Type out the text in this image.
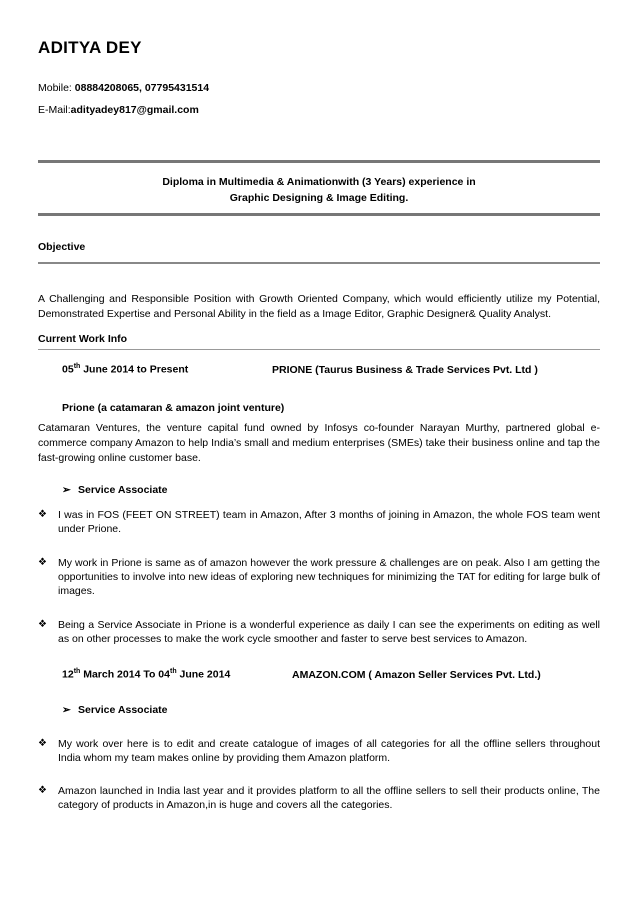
ADITYA DEY
Mobile: 08884208065, 07795431514
E-Mail:adityadey817@gmail.com
Diploma in Multimedia & Animationwith (3 Years) experience in
Graphic Designing & Image Editing.
Objective
A Challenging and Responsible Position with Growth Oriented Company, which would efficiently utilize my Potential, Demonstrated Expertise and Personal Ability in the field as a Image Editor, Graphic Designer& Quality Analyst.
Current Work Info
05th June 2014 to Present	PRIONE (Taurus Business & Trade Services Pvt. Ltd )
Prione (a catamaran & amazon joint venture)
Catamaran Ventures, the venture capital fund owned by Infosys co-founder Narayan Murthy, partnered global e-commerce company Amazon to help India’s small and medium enterprises (SMEs) take their business online and tap the fast-growing online customer base.
➢ Service Associate
❖	I was in FOS (FEET ON STREET) team in Amazon, After 3 months of joining in Amazon, the whole FOS team went under Prione.
❖	My work in Prione is same as of amazon however the work pressure & challenges are on peak. Also I am getting the opportunities to involve into new ideas of exploring new techniques for minimizing the TAT for editing for large bulk of images.
❖	Being a Service Associate in Prione is a wonderful experience as daily I can see the experiments on editing as well as on other processes to make the work cycle smoother and faster to serve best services to Amazon.
12th March 2014 To 04th June 2014	AMAZON.COM ( Amazon Seller Services Pvt. Ltd.)
➢ Service Associate
❖	My work over here is to edit and create catalogue of images of all categories for all the offline sellers throughout India whom my team makes online by providing them Amazon platform.
❖	Amazon launched in India last year and it provides platform to all the offline sellers to sell their products online, The category of products in Amazon,in is huge and covers all the categories.
